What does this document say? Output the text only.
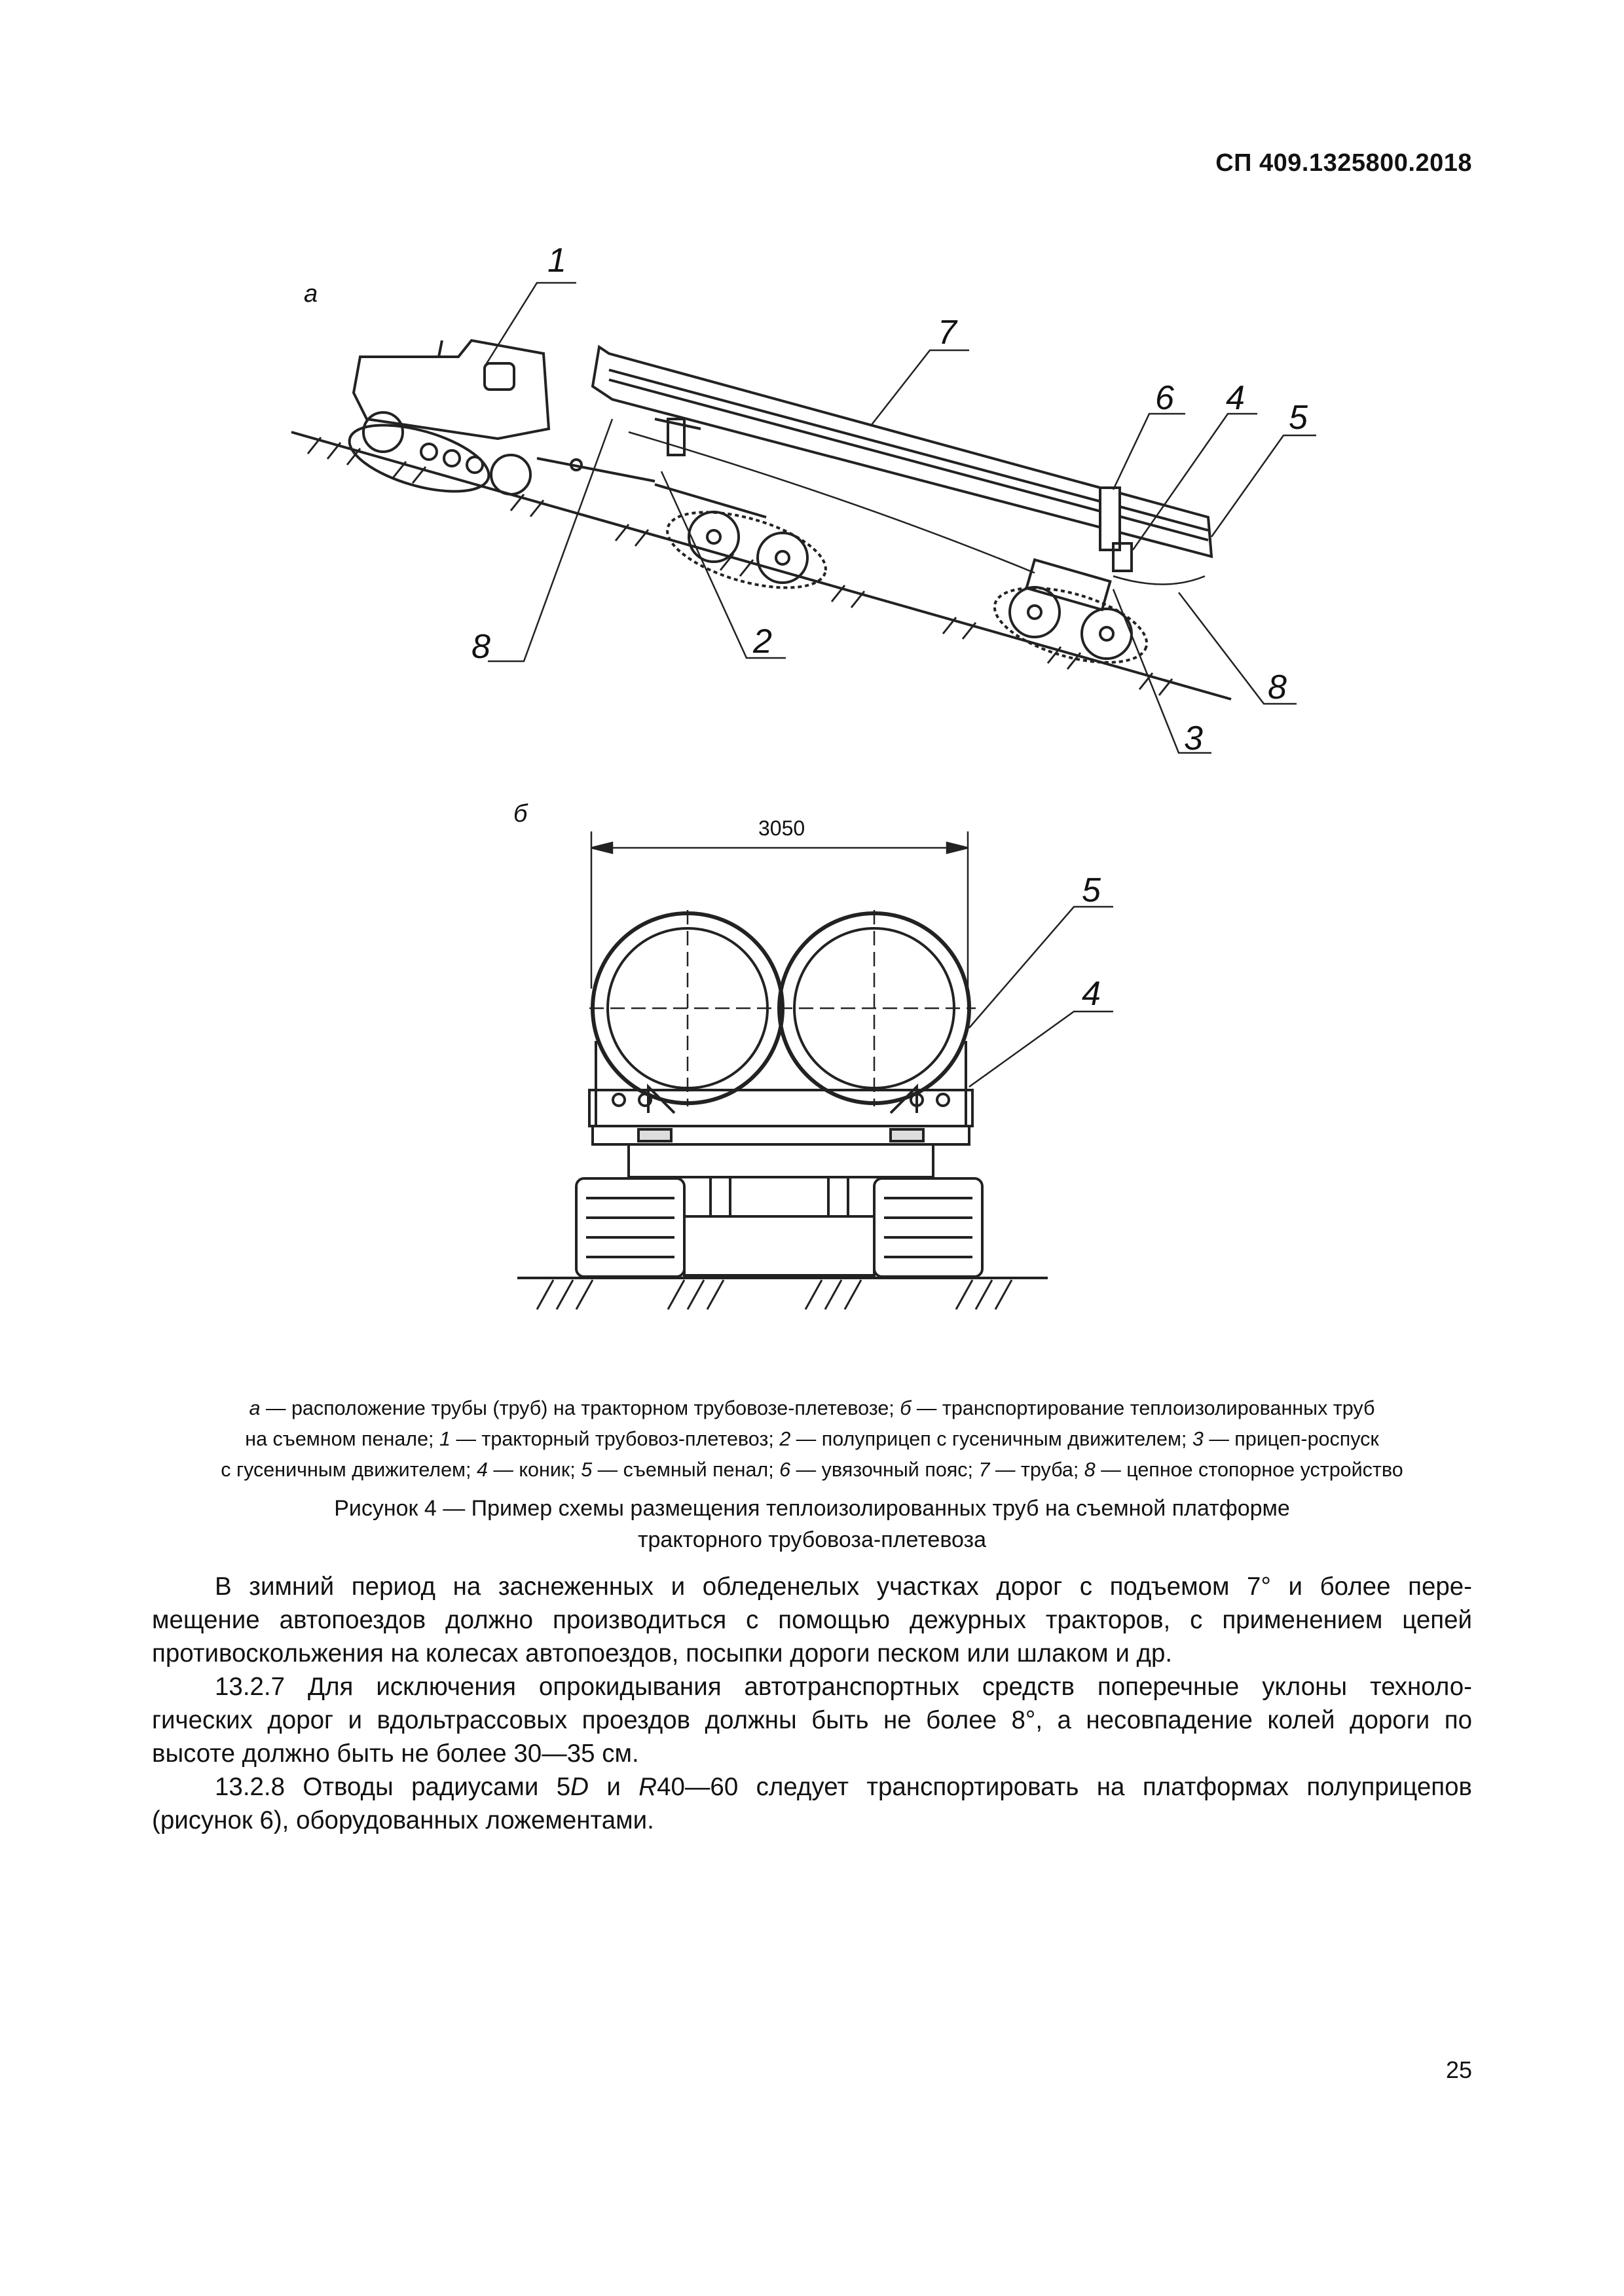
СП 409.1325800.2018
а
б
1
7
6 4
5
8	2
8
3
3050
5
4

а — расположение трубы (труб) на тракторном трубовозе-плетевозе; б — транспортирование теплоизолированных труб

на съемном пенале; 1 — тракторный трубовоз-плетевоз; 2 — полуприцеп с гусеничным движителем; 3 — прицеп-роспуск

с гусеничным движителем; 4 — коник; 5 — съемный пенал; 6 — увязочный пояс; 7 — труба; 8 — цепное стопорное устройство

Рисунок 4 — Пример схемы размещения теплоизолированных труб на съемной платформе

тракторного трубовоза-плетевоза

В зимний период на заснеженных и обледенелых участках дорог с подъемом 7° и более пере-
мещение автопоездов должно производиться с помощью дежурных тракторов, с применением цепей
противоскольжения на колесах автопоездов, посыпки дороги песком или шлаком и др.
13.2.7 Для исключения опрокидывания автотранспортных средств поперечные уклоны техноло-
гических дорог и вдольтрассовых проездов должны быть не более 8°, а несовпадение колей дороги по
высоте должно быть не более 30—35 см.
13.2.8 Отводы радиусами 5D и R40—60 следует транспортировать на платформах полуприцепов
(рисунок 6), оборудованных ложементами.
25
